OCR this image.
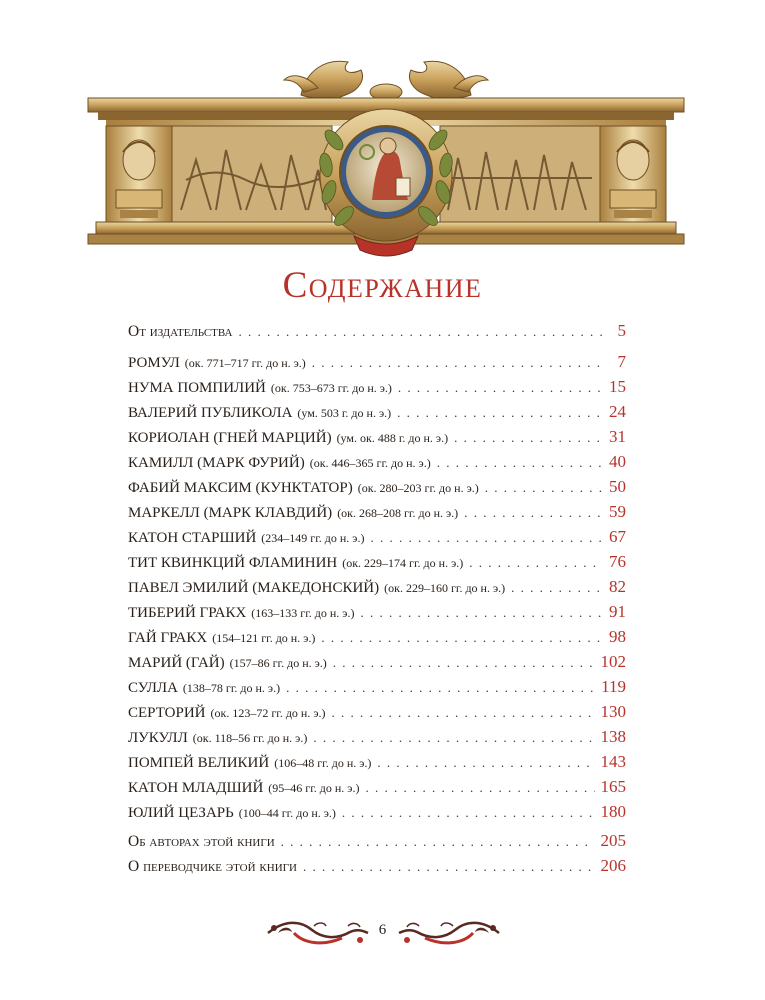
Содержание
От издательства . . .	5
РОМУЛ (ок. 771–717 гг. до н. э.) . . .	7
НУМА ПОМПИЛИЙ (ок. 753–673 гг. до н. э.) . . .	15
ВАЛЕРИЙ ПУБЛИКОЛА (ум. 503 г. до н. э.) . . .	24
КОРИОЛАН (ГНЕЙ МАРЦИЙ) (ум. ок. 488 г. до н. э.) . . .	31
КАМИЛЛ (МАРК ФУРИЙ) (ок. 446–365 гг. до н. э.) . . .	40
ФАБИЙ МАКСИМ (КУНКТАТОР) (ок. 280–203 гг. до н. э.) . . .	50
МАРКЕЛЛ (МАРК КЛАВДИЙ) (ок. 268–208 гг. до н. э.) . . .	59
КАТОН СТАРШИЙ (234–149 гг. до н. э.) . . .	67
ТИТ КВИНКЦИЙ ФЛАМИНИН (ок. 229–174 гг. до н. э.) . . .	76
ПАВЕЛ ЭМИЛИЙ (МАКЕДОНСКИЙ) (ок. 229–160 гг. до н. э.) . . .	82
ТИБЕРИЙ ГРАКХ (163–133 гг. до н. э.) . . .	91
ГАЙ ГРАКХ (154–121 гг. до н. э.) . . .	98
МАРИЙ (ГАЙ) (157–86 гг. до н. э.) . . .	102
СУЛЛА (138–78 гг. до н. э.) . . .	119
СЕРТОРИЙ (ок. 123–72 гг. до н. э.) . . .	130
ЛУКУЛЛ (ок. 118–56 гг. до н. э.) . . .	138
ПОМПЕЙ ВЕЛИКИЙ (106–48 гг. до н. э.) . . .	143
КАТОН МЛАДШИЙ (95–46 гг. до н. э.) . . .	165
ЮЛИЙ ЦЕЗАРЬ (100–44 гг. до н. э.) . . .	180
Об авторах этой книги . . .	205
О переводчике этой книги . . .	206
6
